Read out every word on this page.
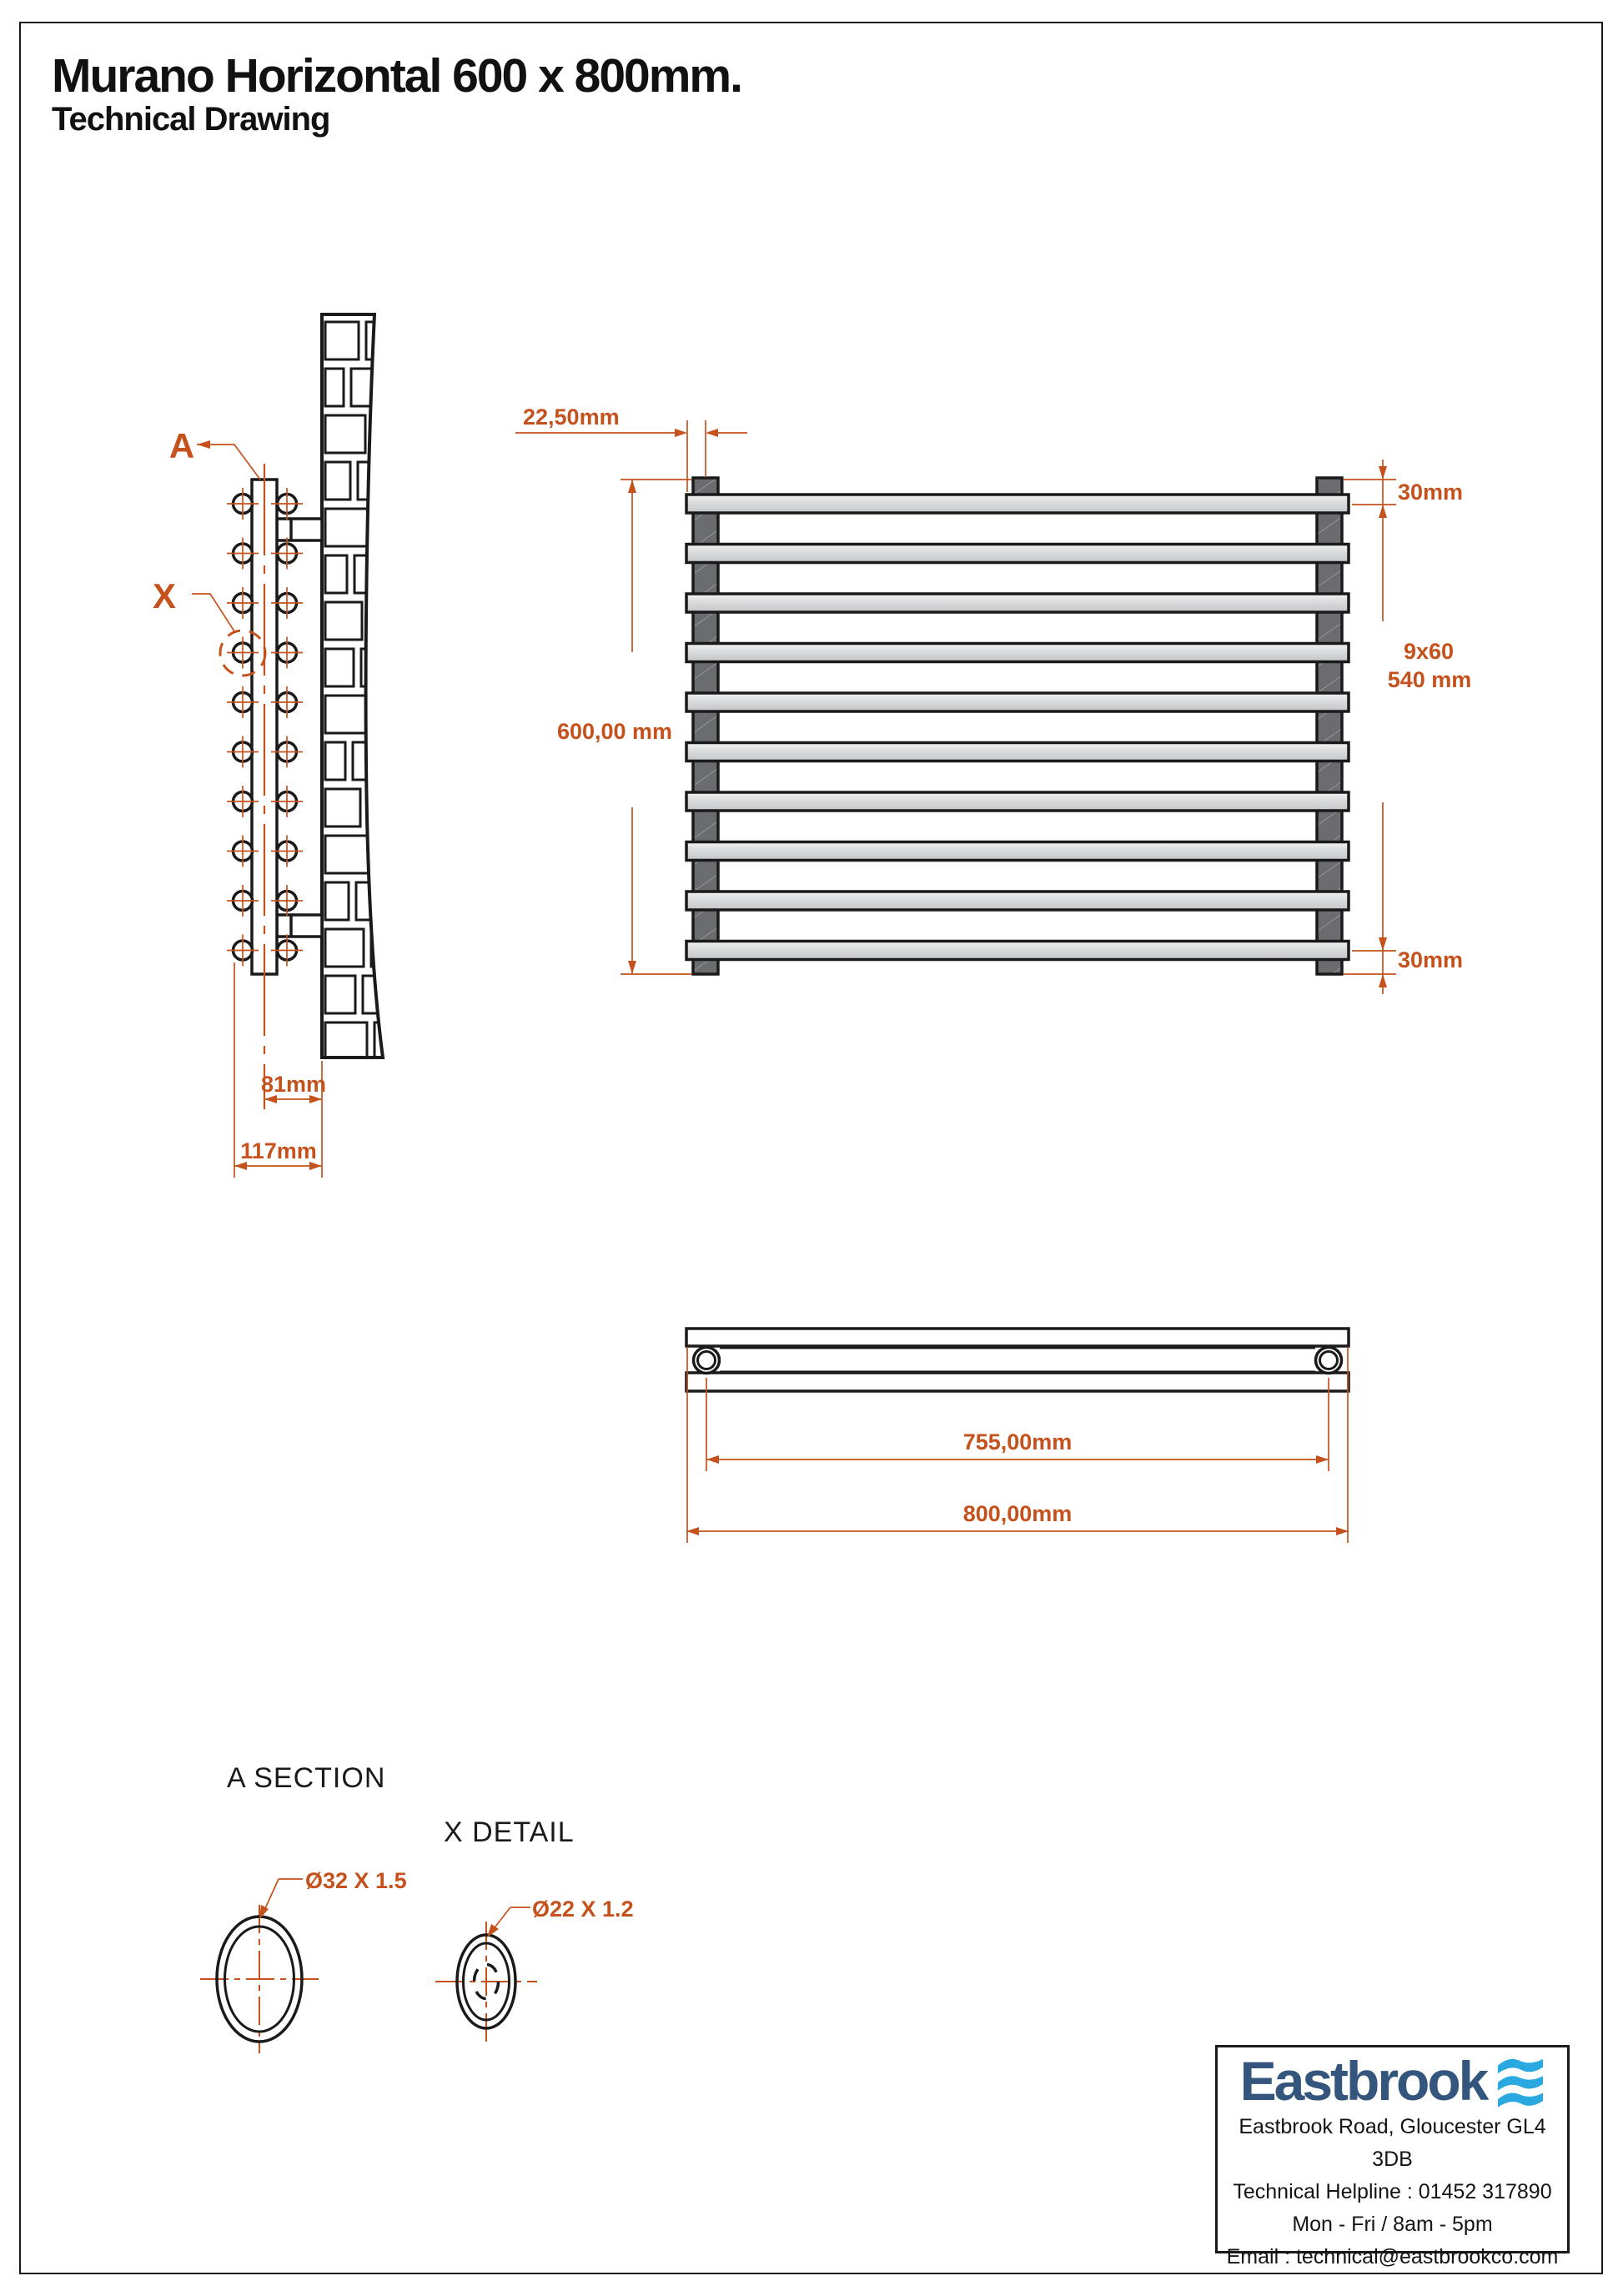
Murano Horizontal 600 x 800mm.
Technical Drawing
A
X
81mm
117mm
22,50mm
600,00 mm
30mm
9x60
540 mm
30mm
755,00mm
800,00mm
A SECTION
Ø32 X 1.5
X DETAIL
Ø22 X 1.2
Eastbrook
Eastbrook Road, Gloucester GL4 3DB
Technical Helpline : 01452 317890
Mon - Fri / 8am - 5pm
Email : technical@eastbrookco.com
